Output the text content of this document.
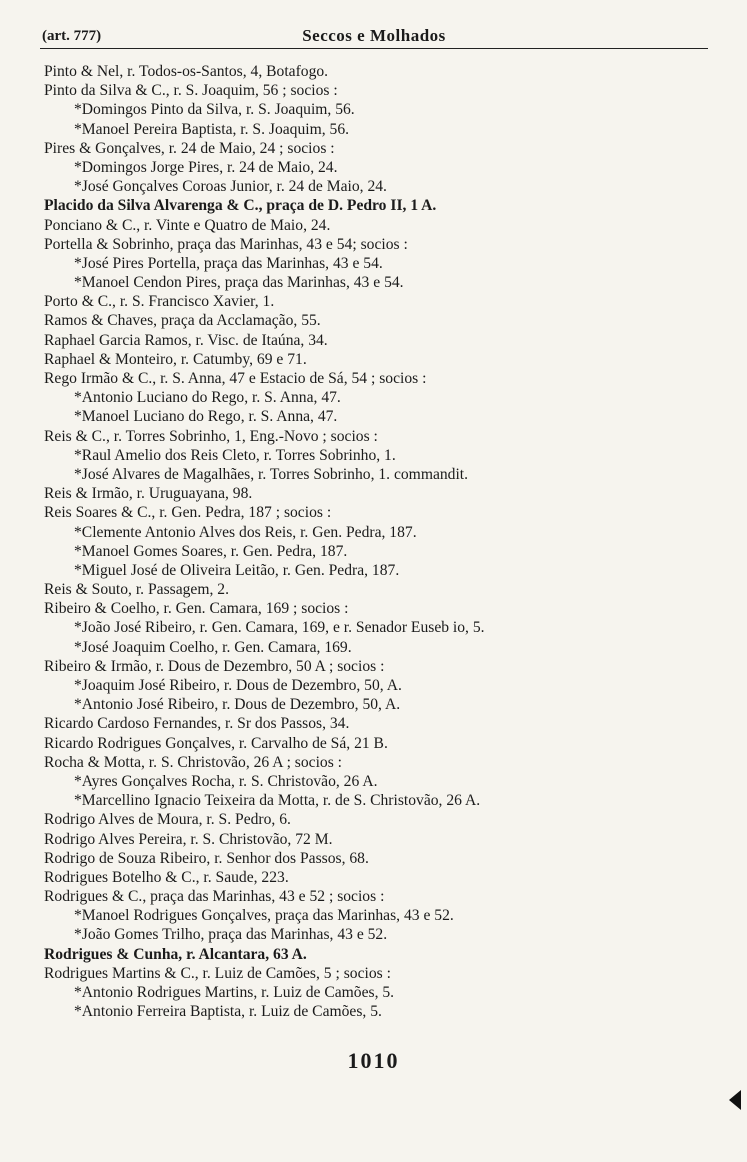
(art. 777)	Seccos e Molhados
Pinto & Nel, r. Todos-os-Santos, 4, Botafogo.
Pinto da Silva & C., r. S. Joaquim, 56 ; socios :
*Domingos Pinto da Silva, r. S. Joaquim, 56.
*Manoel Pereira Baptista, r. S. Joaquim, 56.
Pires & Gonçalves, r. 24 de Maio, 24 ; socios :
*Domingos Jorge Pires, r. 24 de Maio, 24.
*José Gonçalves Coroas Junior, r. 24 de Maio, 24.
Placido da Silva Alvarenga & C., praça de D. Pedro II, 1 A.
Ponciano & C., r. Vinte e Quatro de Maio, 24.
Portella & Sobrinho, praça das Marinhas, 43 e 54; socios :
*José Pires Portella, praça das Marinhas, 43 e 54.
*Manoel Cendon Pires, praça das Marinhas, 43 e 54.
Porto & C., r. S. Francisco Xavier, 1.
Ramos & Chaves, praça da Acclamação, 55.
Raphael Garcia Ramos, r. Visc. de Itaúna, 34.
Raphael & Monteiro, r. Catumby, 69 e 71.
Rego Irmão & C., r. S. Anna, 47 e Estacio de Sá, 54 ; socios :
*Antonio Luciano do Rego, r. S. Anna, 47.
*Manoel Luciano do Rego, r. S. Anna, 47.
Reis & C., r. Torres Sobrinho, 1, Eng.-Novo ; socios :
*Raul Amelio dos Reis Cleto, r. Torres Sobrinho, 1.
*José Alvares de Magalhães, r. Torres Sobrinho, 1. commandit.
Reis & Irmão, r. Uruguayana, 98.
Reis Soares & C., r. Gen. Pedra, 187 ; socios :
*Clemente Antonio Alves dos Reis, r. Gen. Pedra, 187.
*Manoel Gomes Soares, r. Gen. Pedra, 187.
*Miguel José de Oliveira Leitão, r. Gen. Pedra, 187.
Reis & Souto, r. Passagem, 2.
Ribeiro & Coelho, r. Gen. Camara, 169 ; socios :
*João José Ribeiro, r. Gen. Camara, 169, e r. Senador Euseb io, 5.
*José Joaquim Coelho, r. Gen. Camara, 169.
Ribeiro & Irmão, r. Dous de Dezembro, 50 A ; socios :
*Joaquim José Ribeiro, r. Dous de Dezembro, 50, A.
*Antonio José Ribeiro, r. Dous de Dezembro, 50, A.
Ricardo Cardoso Fernandes, r. Sr dos Passos, 34.
Ricardo Rodrigues Gonçalves, r. Carvalho de Sá, 21 B.
Rocha & Motta, r. S. Christovão, 26 A ; socios :
*Ayres Gonçalves Rocha, r. S. Christovão, 26 A.
*Marcellino Ignacio Teixeira da Motta, r. de S. Christovão, 26 A.
Rodrigo Alves de Moura, r. S. Pedro, 6.
Rodrigo Alves Pereira, r. S. Christovão, 72 M.
Rodrigo de Souza Ribeiro, r. Senhor dos Passos, 68.
Rodrigues Botelho & C., r. Saude, 223.
Rodrigues & C., praça das Marinhas, 43 e 52 ; socios :
*Manoel Rodrigues Gonçalves, praça das Marinhas, 43 e 52.
*João Gomes Trilho, praça das Marinhas, 43 e 52.
Rodrigues & Cunha, r. Alcantara, 63 A.
Rodrigues Martins & C., r. Luiz de Camões, 5 ; socios :
*Antonio Rodrigues Martins, r. Luiz de Camões, 5.
*Antonio Ferreira Baptista, r. Luiz de Camões, 5.
1010
